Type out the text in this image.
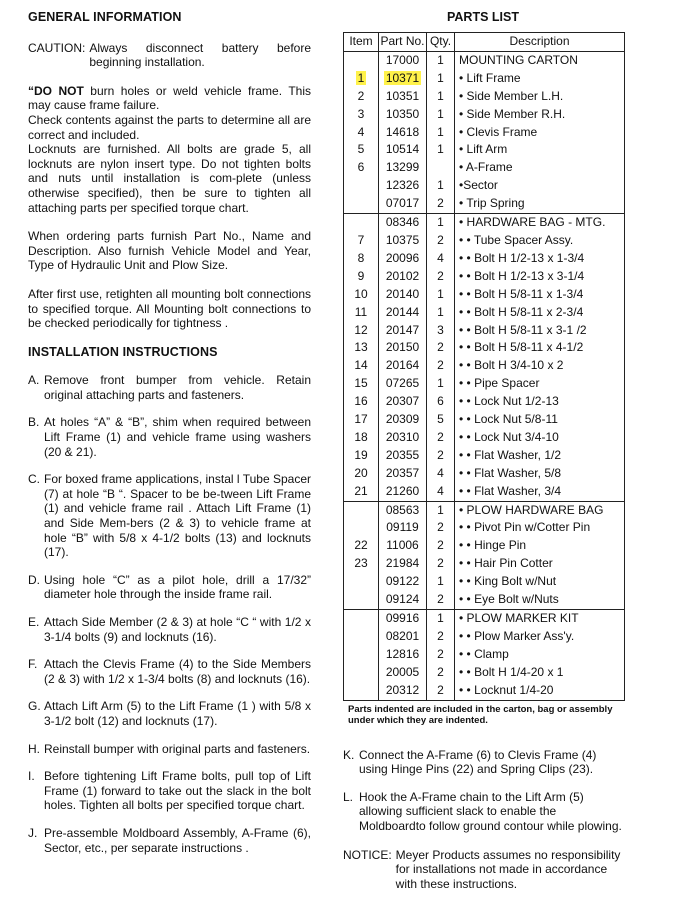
GENERAL INFORMATION
CAUTION: Always disconnect battery before beginning installation.

“DO NOT burn holes or weld vehicle frame. This may cause frame failure.

Check contents against the parts to determine all are correct and included.

Locknuts are furnished. All bolts are grade 5, all locknuts are nylon insert type. Do not tighten bolts and nuts until installation is com-plete (unless otherwise specified), then be sure to tighten all attaching parts per specified torque chart.

When ordering parts furnish Part No., Name and Description. Also furnish Vehicle Model and Year, Type of Hydraulic Unit and Plow Size.

After first use, retighten all mounting bolt connections to specified torque. All Mounting bolt connections to be checked periodically for tightness .

INSTALLATION INSTRUCTIONS
A. Remove front bumper from vehicle. Retain original attaching parts and fasteners.
B. At holes “A” & “B”, shim when required between Lift Frame (1) and vehicle frame using washers (20 & 21).
C. For boxed frame applications, instal l Tube Spacer (7) at hole “B “. Spacer to be be-tween Lift Frame (1) and vehicle frame rail . Attach Lift Frame (1) and Side Mem-bers (2 & 3) to vehicle frame at hole “B” with 5/8 x 4-1/2 bolts (13) and locknuts (17).
D. Using hole “C” as a pilot hole, drill a 17/32” diameter hole through the inside frame rail.
E. Attach Side Member (2 & 3) at hole “C “ with 1/2 x 3-1/4 bolts (9) and locknuts (16).
F. Attach the Clevis Frame (4) to the Side Members (2 & 3) with 1/2 x 1-3/4 bolts (8) and locknuts (16).
G. Attach Lift Arm (5) to the Lift Frame (1 ) with 5/8 x 3-1/2 bolt (12) and locknuts (17).
H. Reinstall bumper with original parts and fasteners.
I. Before tightening Lift Frame bolts, pull top of Lift Frame (1) forward to take out the slack in the bolt holes. Tighten all bolts per specified torque chart.
J. Pre-assemble Moldboard Assembly, A-Frame (6), Sector, etc., per separate instructions .
PARTS LIST
Item	Part No.	Qty.	Description
	17000	1	MOUNTING CARTON
1	10371	1	• Lift Frame
2	10351	1	• Side Member L.H.
3	10350	1	• Side Member R.H.
4	14618	1	• Clevis Frame
5	10514	1	• Lift Arm
6	13299		• A-Frame
	12326	1	•Sector
	07017	2	• Trip Spring
	08346	1	• HARDWARE BAG - MTG.
7	10375	2	• • Tube Spacer Assy.
8	20096	4	• • Bolt H 1/2-13 x 1-3/4
9	20102	2	• • Bolt H 1/2-13 x 3-1/4
10	20140	1	• • Bolt H 5/8-11 x 1-3/4
11	20144	1	• • Bolt H 5/8-11 x 2-3/4
12	20147	3	• • Bolt H 5/8-11 x 3-1 /2
13	20150	2	• • Bolt H 5/8-11 x 4-1/2
14	20164	2	• • Bolt H 3/4-10 x 2
15	07265	1	• • Pipe Spacer
16	20307	6	• • Lock Nut 1/2-13
17	20309	5	• • Lock Nut 5/8-11
18	20310	2	• • Lock Nut 3/4-10
19	20355	2	• • Flat Washer, 1/2
20	20357	4	• • Flat Washer, 5/8
21	21260	4	• • Flat Washer, 3/4
	08563	1	• PLOW HARDWARE BAG
	09119	2	• • Pivot Pin w/Cotter Pin
22	11006	2	• • Hinge Pin
23	21984	2	• • Hair Pin Cotter
	09122	1	• • King Bolt w/Nut
	09124	2	• • Eye Bolt w/Nuts
	09916	1	• PLOW MARKER KIT
	08201	2	• • Plow Marker Ass'y.
	12816	2	• • Clamp
	20005	2	• • Bolt H 1/4-20 x 1
	20312	2	• • Locknut 1/4-20
Parts indented are included in the carton, bag or assembly under which they are indented.
K. Connect the A-Frame (6) to Clevis Frame (4) using Hinge Pins (22) and Spring Clips (23).
L. Hook the A-Frame chain to the Lift Arm (5) allowing sufficient slack to enable the Moldboardto follow ground contour while plowing.
NOTICE: Meyer Products assumes no responsibility for installations not made in accordance with these instructions.
